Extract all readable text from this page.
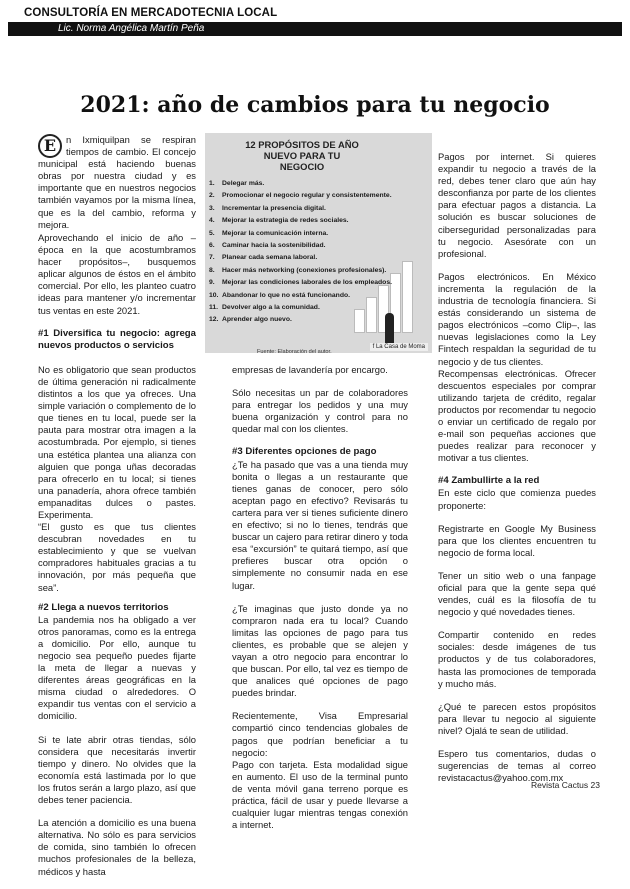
CONSULTORÍA EN MERCADOTECNIA LOCAL
Lic. Norma Angélica Martín Peña
2021: año de cambios para tu negocio

E	n Ixmiquilpan se respiran tiempos de cambio. El concejo municipal está haciendo buenas obras por nuestra ciudad y es importante que en nuestros negocios también vayamos por la misma línea, que es la del cambio, reforma y mejora.

Aprovechando el inicio de año –época en la que acostumbramos hacer propósitos–, busquemos aplicar algunos de éstos en el ámbito comercial. Por ello, les planteo cuatro ideas para mantener y/o incrementar tus ventas en este 2021.

#1 Diversifica tu negocio: agrega nuevos productos o servicios

No es obligatorio que sean productos de última generación ni radicalmente distintos a los que ya ofreces. Una simple variación o complemento de lo que tienes en tu local, puede ser la pauta para mostrar otra imagen a la acostumbrada. Por ejemplo, si tienes una estética plantea una alianza con alguien que ponga uñas decoradas para ofrecerlo en tu local; si tienes una panadería, ahora ofrece también empanaditas dulces o pastes. Experimenta.

“El gusto es que tus clientes descubran novedades en tu establecimiento y que se vuelvan compradores habituales gracias a tu innovación, por más pequeña que sea”.

#2 Llega a nuevos territorios

La pandemia nos ha obligado a ver otros panoramas, como es la entrega a domicilio. Por ello, aunque tu negocio sea pequeño puedes fijarte la meta de llegar a nuevas y diferentes áreas geográficas en la misma ciudad o alrededores. O expandir tus ventas con el servicio a domicilio.

Si te late abrir otras tiendas, sólo considera que necesitarás invertir tiempo y dinero. No olvides que la economía está lastimada por lo que los frutos serán a largo plazo, así que debes tener paciencia.

La atención a domicilio es una buena alternativa. No sólo es para servicios de comida, sino también lo ofrecen muchos profesionales de la belleza, médicos y hasta

12 PROPÓSITOS DE AÑO NUEVO PARA TU NEGOCIO
1. Delegar más.
2. Promocionar el negocio regular y consistentemente.
3. Incrementar la presencia digital.
4. Mejorar la estrategia de redes sociales.
5. Mejorar la comunicación interna.
6. Caminar hacia la sostenibilidad.
7. Planear cada semana laboral.
8. Hacer más networking (conexiones profesionales).
9. Mejorar las condiciones laborales de los empleados.
10. Abandonar lo que no está funcionando.
11. Devolver algo a la comunidad.
12. Aprender algo nuevo.
f La Casa de Moma
Fuente: Elaboración del autor.

empresas de lavandería por encargo.

Sólo necesitas un par de colaboradores para entregar los pedidos y una muy buena organización y control para no quedar mal con los clientes.

#3 Diferentes opciones de pago

¿Te ha pasado que vas a una tienda muy bonita o llegas a un restaurante que tienes ganas de conocer, pero sólo aceptan pago en efectivo? Revisarás tu cartera para ver si tienes suficiente dinero en efectivo; si no lo tienes, tendrás que buscar un cajero para retirar dinero y toda esa “excursión” te quitará tiempo, así que prefieres buscar otra opción o simplemente no consumir nada en ese lugar.

¿Te imaginas que justo donde ya no compraron nada era tu local? Cuando limitas las opciones de pago para tus clientes, es probable que se alejen y vayan a otro negocio para encontrar lo que buscan. Por ello, tal vez es tiempo de que analices qué opciones de pago puedes brindar.

Recientemente, Visa Empresarial compartió cinco tendencias globales de pagos que podrían beneficiar a tu negocio:

Pago con tarjeta. Esta modalidad sigue en aumento. El uso de la terminal punto de venta móvil gana terreno porque es práctica, fácil de usar y puede llevarse a cualquier lugar mientras tengas conexión a internet.

Pagos por internet. Si quieres expandir tu negocio a través de la red, debes tener claro que aún hay desconfianza por parte de los clientes para efectuar pagos a distancia. La solución es buscar soluciones de ciberseguridad personalizadas para tu negocio. Asesórate con un profesional.

Pagos electrónicos. En México incrementa la regulación de la industria de tecnología financiera. Si estás considerando un sistema de pagos electrónicos –como Clip–, las nuevas legislaciones como la Ley Fintech respaldan la seguridad de tu negocio y de tus clientes.

Recompensas electrónicas. Ofrecer descuentos especiales por comprar utilizando tarjeta de crédito, regalar productos por recomendar tu negocio o enviar un certificado de regalo por e-mail son pequeñas acciones que puedes realizar para reconocer y motivar a tus clientes.

#4 Zambullirte a la red

En este ciclo que comienza puedes proponerte:

Registrarte en Google My Business para que los clientes encuentren tu negocio de forma local.

Tener un sitio web o una fanpage oficial para que la gente sepa qué vendes, cuál es la filosofía de tu negocio y qué novedades tienes.

Compartir contenido en redes sociales: desde imágenes de tus productos y de tus colaboradores, hasta las promociones de temporada y mucho más.

¿Qué te parecen estos propósitos para llevar tu negocio al siguiente nivel? Ojalá te sean de utilidad.

Espero tus comentarios, dudas o sugerencias de temas al correo revistacactus@yahoo.com.mx

Revista Cactus 23
